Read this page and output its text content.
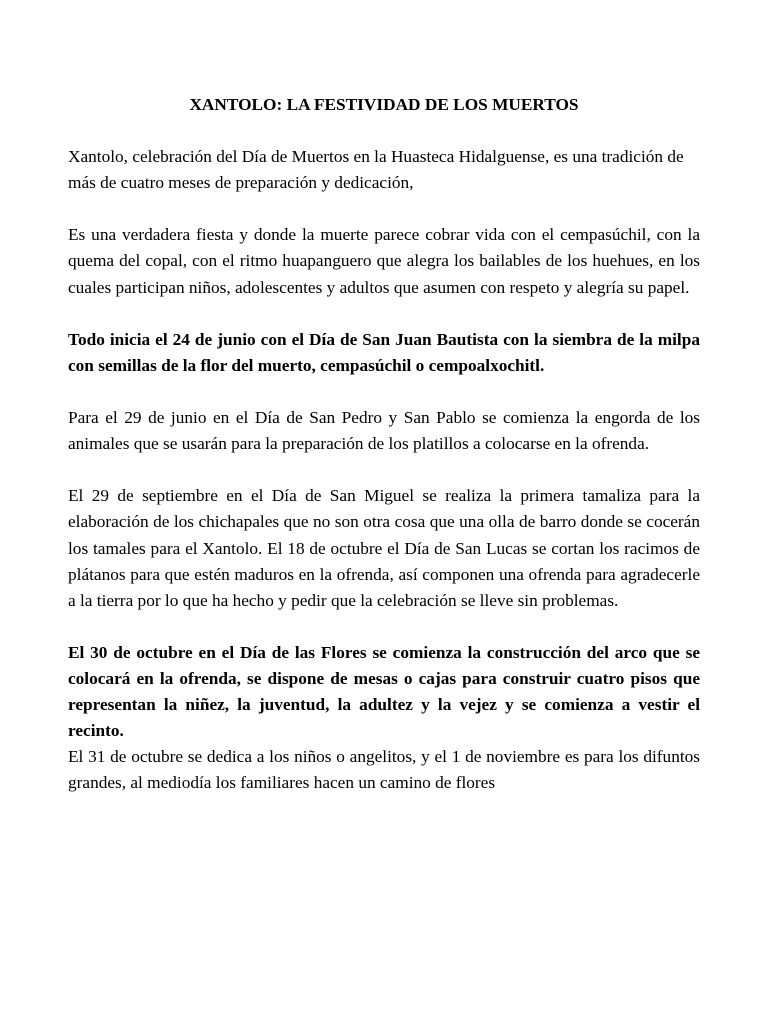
XANTOLO: LA FESTIVIDAD DE LOS MUERTOS

Xantolo, celebración del Día de Muertos en la Huasteca Hidalguense, es una tradición de más de cuatro meses de preparación y dedicación,

Es una verdadera fiesta y donde la muerte parece cobrar vida con el cempasúchil, con la quema del copal, con el ritmo huapanguero que alegra los bailables de los huehues, en los cuales participan niños, adolescentes y adultos que asumen con respeto y alegría su papel.

Todo inicia el 24 de junio con el Día de San Juan Bautista con la siembra de la milpa con semillas de la flor del muerto, cempasúchil o cempoalxochitl.

Para el 29 de junio en el Día de San Pedro y San Pablo se comienza la engorda de los animales que se usarán para la preparación de los platillos a colocarse en la ofrenda.

El 29 de septiembre en el Día de San Miguel se realiza la primera tamaliza para la elaboración de los chichapales que no son otra cosa que una olla de barro donde se cocerán los tamales para el Xantolo. El 18 de octubre el Día de San Lucas se cortan los racimos de plátanos para que estén maduros en la ofrenda, así componen una ofrenda para agradecerle a la tierra por lo que ha hecho y pedir que la celebración se lleve sin problemas.

El 30 de octubre en el Día de las Flores se comienza la construcción del arco que se colocará en la ofrenda, se dispone de mesas o cajas para construir cuatro pisos que representan la niñez, la juventud, la adultez y la vejez y se comienza a vestir el recinto.

El 31 de octubre se dedica a los niños o angelitos, y el 1 de noviembre es para los difuntos grandes, al mediodía los familiares hacen un camino de flores
